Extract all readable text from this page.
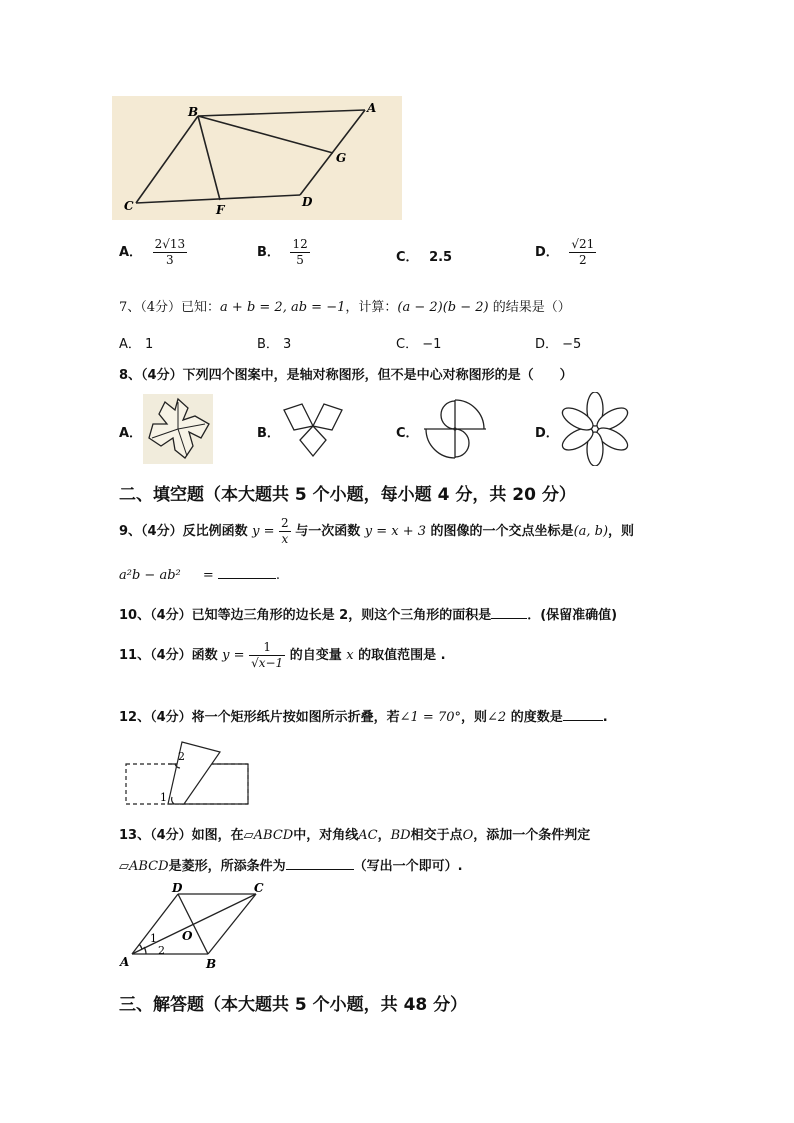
B	A
G
D
F
C
A． $\frac{2√13}{3}$	B． $\frac{12}{5}$	C． 2.5	D． $\frac{√21}{2}$
7、（4分）已知：a + b = 2, ab = −1，计算：(a − 2)(b − 2) 的结果是（）
A． 1	B． 3	C． −1	D． −5
8、（4分）下列四个图案中，是轴对称图形，但不是中心对称图形的是（　　）
A．	B．	C．	D．
二、填空题（本大题共 5 个小题，每小题 4 分，共 20 分）
9、（4分）反比例函数 $y = \frac{2}{x}$ 与一次函数 y = x + 3 的图像的一个交点坐标是(a, b)，则
a²b − ab² =	.
10、（4分）已知等边三角形的边长是 2，则这个三角形的面积是	．(保留准确值)
11、（4分）函数 $y = \frac{1}{√x-1}$ 的自变量 x 的取值范围是 .
12、（4分）将一个矩形纸片按如图所示折叠，若∠1 = 70°，则∠2 的度数是	.
2
1
13、（4分）如图，在▱ABCD中，对角线AC，BD相交于点O，添加一个条件判定
▱ABCD是菱形，所添条件为	（写出一个即可）.
A	B
C
D
O
1
2
三、解答题（本大题共 5 个小题，共 48 分）
